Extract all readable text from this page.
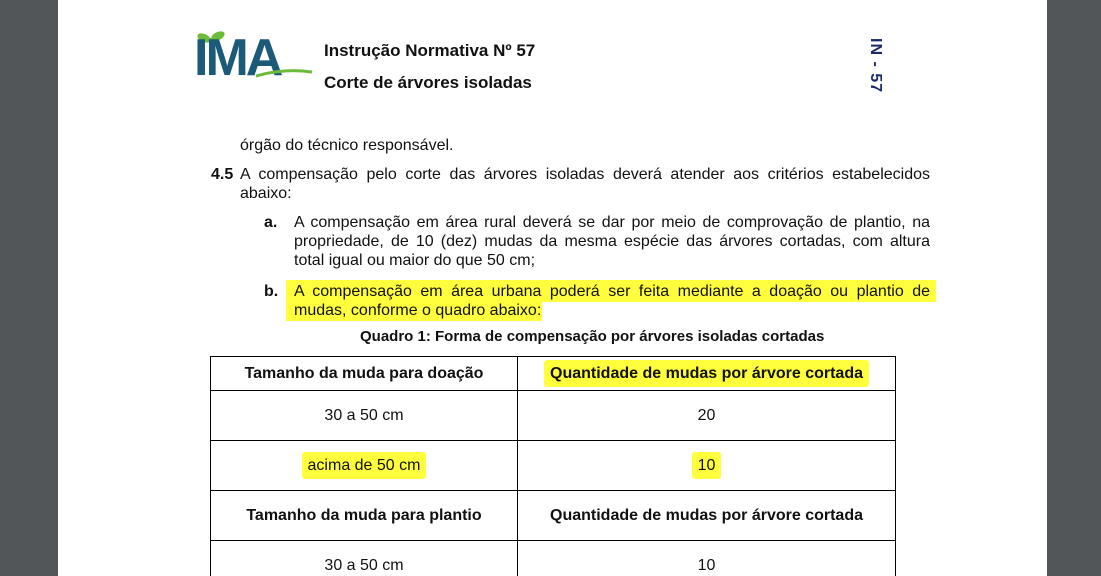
IMA	Instrução Normativa Nº 57
Corte de árvores isoladas	IN - 57
órgão do técnico responsável.
4.5 A compensação pelo corte das árvores isoladas deverá atender aos critérios estabelecidos
abaixo:
a. A compensação em área rural deverá se dar por meio de comprovação de plantio, na
propriedade, de 10 (dez) mudas da mesma espécie das árvores cortadas, com altura
total igual ou maior do que 50 cm;
b. A compensação em área urbana poderá ser feita mediante a doação ou plantio de
mudas, conforme o quadro abaixo:
Quadro 1: Forma de compensação por árvores isoladas cortadas
Tamanho da muda para doação	Quantidade de mudas por árvore cortada
30 a 50 cm	20
acima de 50 cm	10
Tamanho da muda para plantio	Quantidade de mudas por árvore cortada
30 a 50 cm	10
